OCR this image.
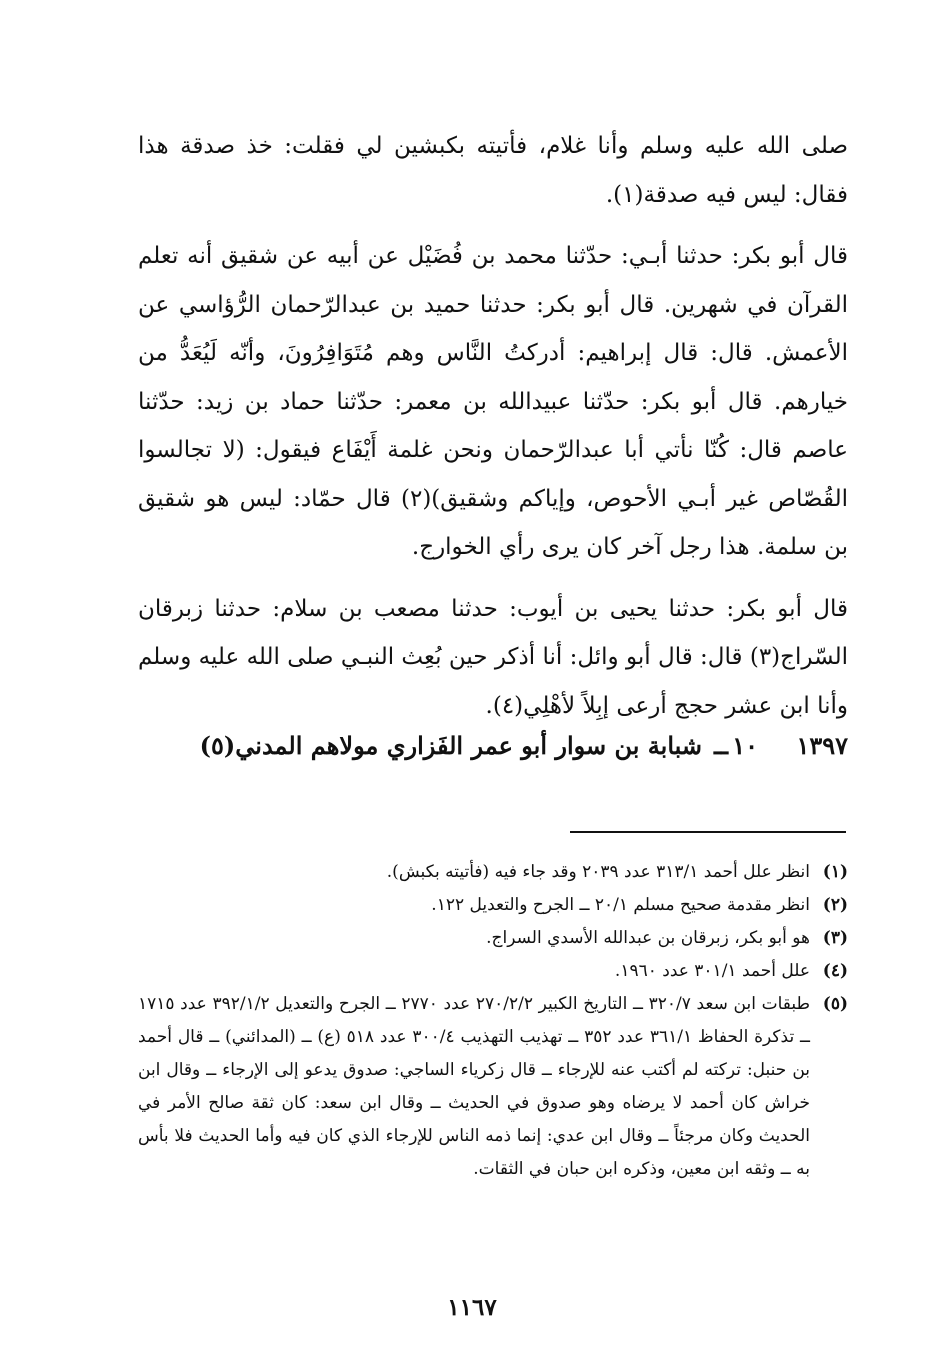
صلى الله عليه وسلم وأنا غلام، فأتيته بكبشين لي فقلت: خذ صدقة هذا فقال: ليس فيه صدقة(١).

قال أبو بكر: حدثنا أبـي: حدّثنا محمد بن فُضَيْل عن أبيه عن شقيق أنه تعلم القرآن في شهرين. قال أبو بكر: حدثنا حميد بن عبدالرّحمان الرُّؤاسي عن الأعمش. قال: قال إبراهيم: أدركتُ النَّاس وهم مُتَوَافِرُونَ، وأنّه لَيُعَدُّ من خيارهم. قال أبو بكر: حدّثنا عبيدالله بن معمر: حدّثنا حماد بن زيد: حدّثنا عاصم قال: كُنّا نأتي أبا عبدالرّحمان ونحن غلمة أَيْفَاع فيقول: (لا تجالسوا القُصّاص غير أبـي الأحوص، وإياكم وشقيق)(٢) قال حمّاد: ليس هو شقيق بن سلمة. هذا رجل آخر كان يرى رأي الخوارج.

قال أبو بكر: حدثنا يحيى بن أيوب: حدثنا مصعب بن سلام: حدثنا زبرقان السّراج(٣) قال: قال أبو وائل: أنا أذكر حين بُعِث النبـي صلى الله عليه وسلم وأنا ابن عشر حجج أرعى إبِلاً لأهْلِي(٤).

١٣٩٧١٠ــشبابة بن سوار أبو عمر الفَزاري مولاهم المدني(٥)
(١)
انظر علل أحمد ٣١٣/١ عدد ٢٠٣٩ وقد جاء فيه (فأتيته بكبش).
(٢)
انظر مقدمة صحيح مسلم ٢٠/١ ــ الجرح والتعديل ١٢٢.
(٣)
هو أبو بكر، زبرقان بن عبدالله الأسدي السراج.
(٤)
علل أحمد ٣٠١/١ عدد ١٩٦٠.
(٥)
طبقات ابن سعد ٣٢٠/٧ ــ التاريخ الكبير ٢٧٠/٢/٢ عدد ٢٧٧٠ ــ الجرح والتعديل ٣٩٢/١/٢ عدد ١٧١٥ ــ تذكرة الحفاظ ٣٦١/١ عدد ٣٥٢ ــ تهذيب التهذيب ٣٠٠/٤ عدد ٥١٨ (ع) ــ (المدائني) ــ قال أحمد بن حنبل: تركته لم أكتب عنه للإرجاء ــ قال زكرياء الساجي: صدوق يدعو إلى الإرجاء ــ وقال ابن خراش كان أحمد لا يرضاه وهو صدوق في الحديث ــ وقال ابن سعد: كان ثقة صالح الأمر في الحديث وكان مرجئاً ــ وقال ابن عدي: إنما ذمه الناس للإرجاء الذي كان فيه وأما الحديث فلا بأس به ــ وثقه ابن معين، وذكره ابن حبان في الثقات.
١١٦٧
